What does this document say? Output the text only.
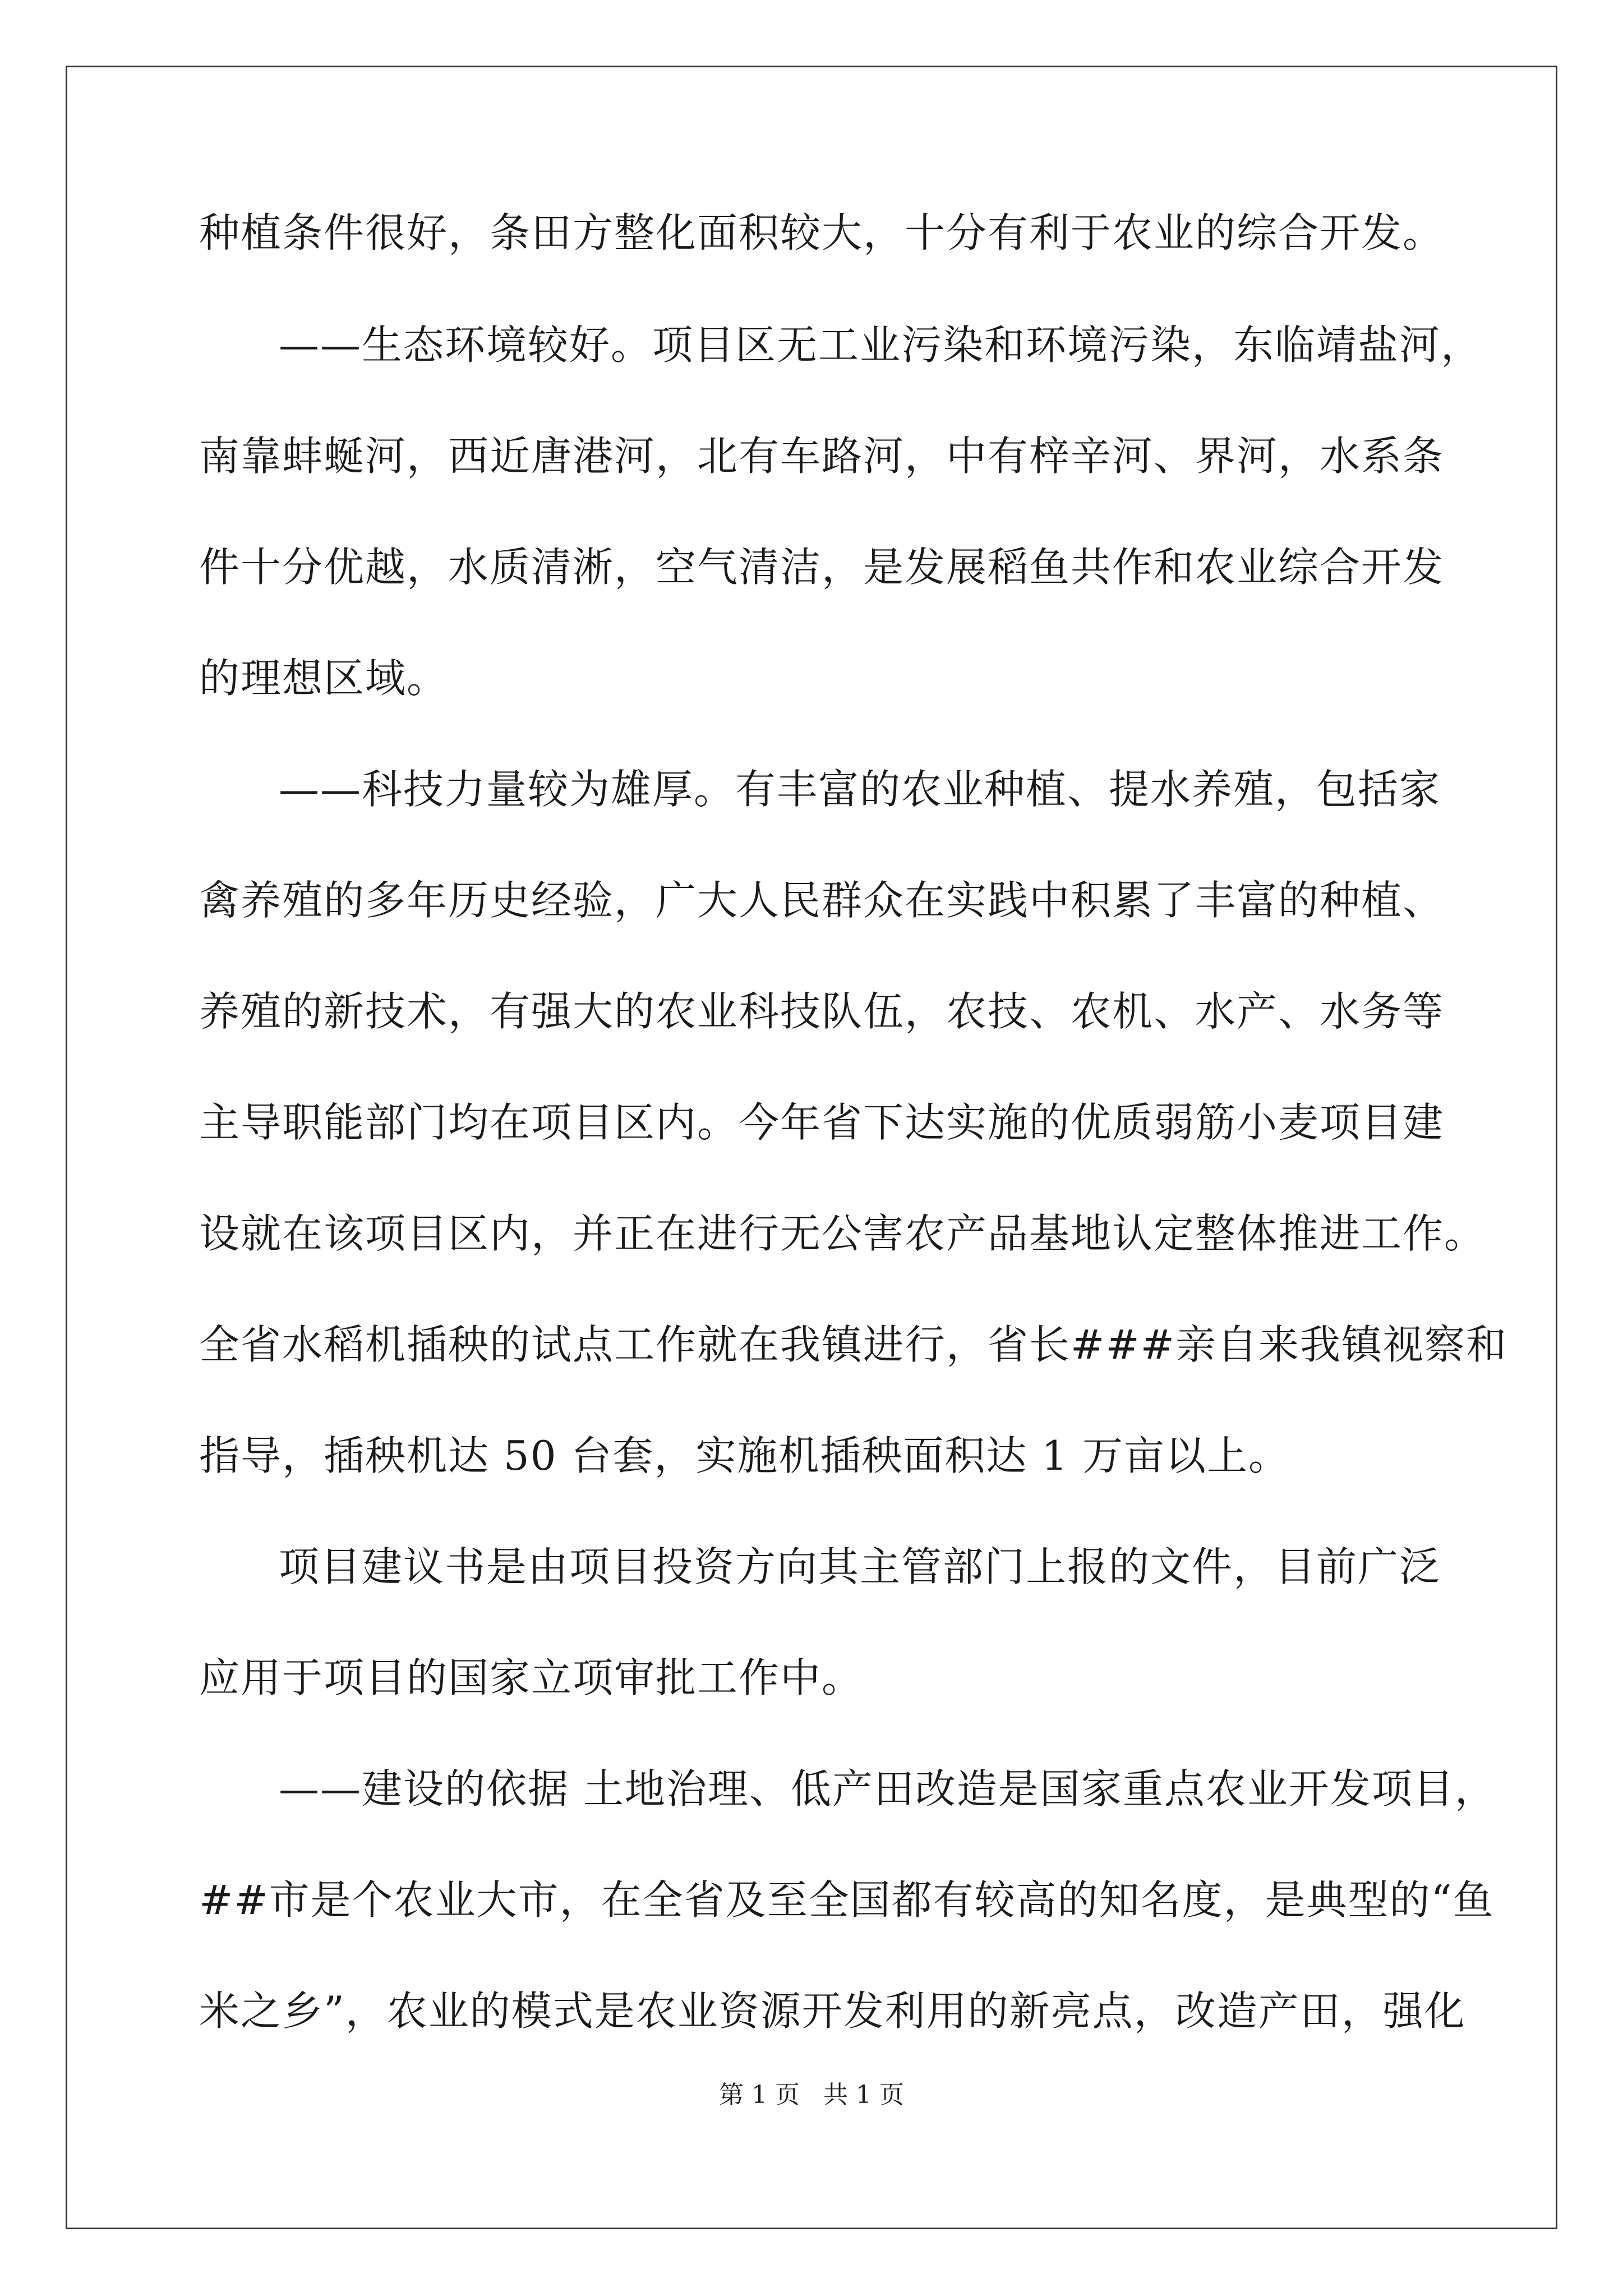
种植条件很好，条田方整化面积较大，十分有利于农业的综合开发。
——生态环境较好。项目区无工业污染和环境污染，东临靖盐河，
南靠蚌蜒河，西近唐港河，北有车路河，中有梓辛河、界河，水系条
件十分优越，水质清淅，空气清洁，是发展稻鱼共作和农业综合开发
的理想区域。
——科技力量较为雄厚。有丰富的农业种植、提水养殖，包括家
禽养殖的多年历史经验，广大人民群众在实践中积累了丰富的种植、
养殖的新技术，有强大的农业科技队伍，农技、农机、水产、水务等
主导职能部门均在项目区内。今年省下达实施的优质弱筋小麦项目建
设就在该项目区内，并正在进行无公害农产品基地认定整体推进工作。
全省水稻机插秧的试点工作就在我镇进行，省长###亲自来我镇视察和
指导，插秧机达 50 台套，实施机插秧面积达 1 万亩以上。
项目建议书是由项目投资方向其主管部门上报的文件，目前广泛
应用于项目的国家立项审批工作中。
——建设的依据 土地治理、低产田改造是国家重点农业开发项目，
##市是个农业大市，在全省及至全国都有较高的知名度，是典型的“鱼
米之乡”，农业的模式是农业资源开发利用的新亮点，改造产田，强化
第 1 页   共 1 页
